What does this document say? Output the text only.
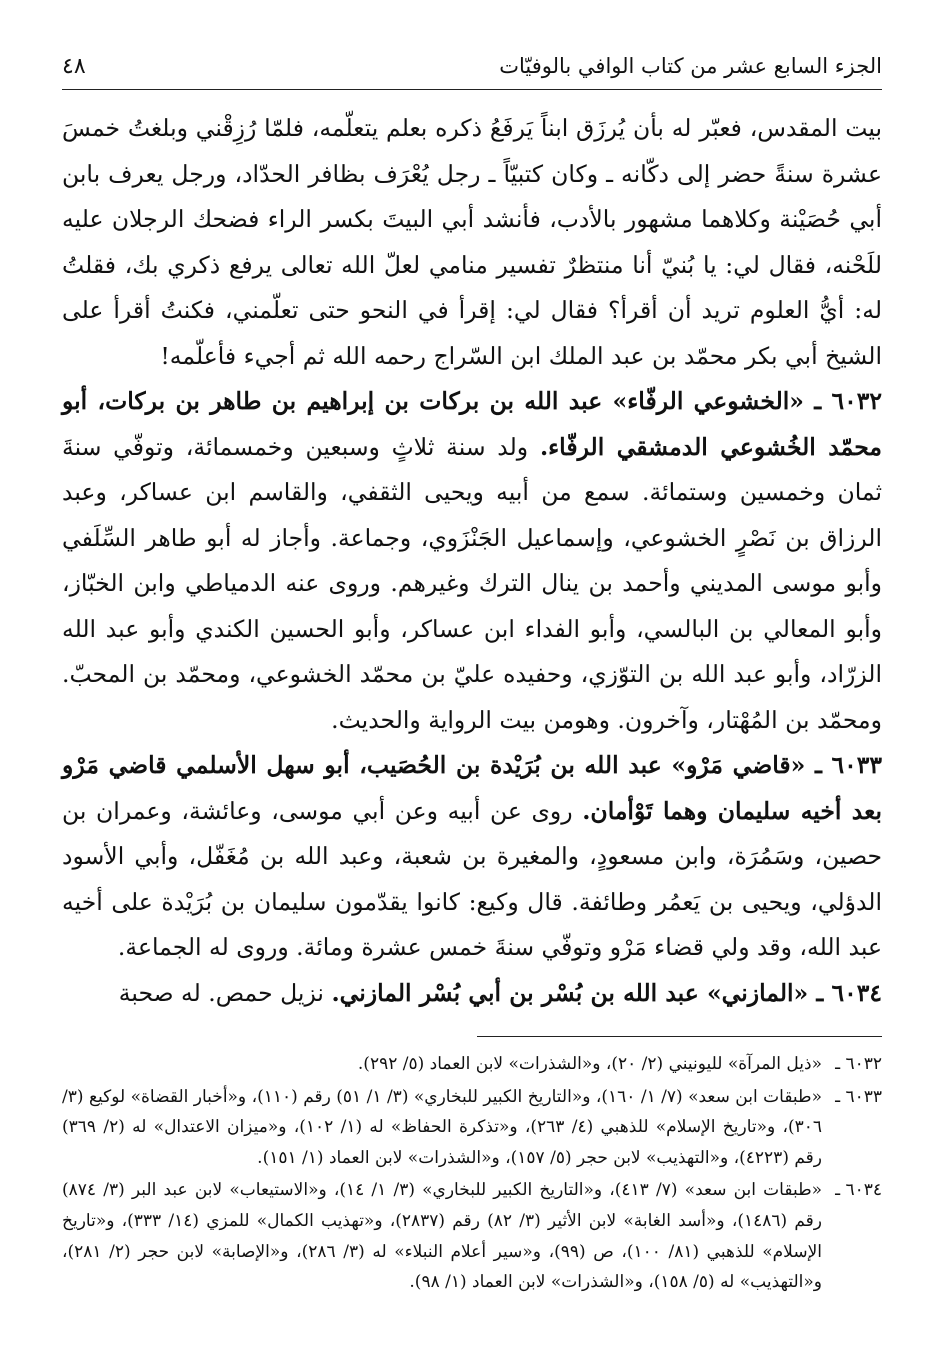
الجزء السابع عشر من كتاب الوافي بالوفيّات
٤٨

بيت المقدس، فعبّر له بأن يُرزَق ابناً يَرفَعُ ذكره بعلم يتعلّمه، فلمّا رُزِقْني وبلغتُ خمسَ عشرة سنةً حضر إلى دكّانه ـ وكان كتبيّاً ـ رجل يُعْرَف بظافر الحدّاد، ورجل يعرف بابن أبي حُصَيْنة وكلاهما مشهور بالأدب، فأنشد أبي البيتَ بكسر الراء فضحك الرجلان عليه للَحْنه، فقال لي: يا بُنيّ أنا منتظرٌ تفسير منامي لعلّ الله تعالى يرفع ذكري بك، فقلتُ له: أيُّ العلوم تريد أن أقرأ؟ فقال لي: إقرأ في النحو حتى تعلّمني، فكنتُ أقرأ على الشيخ أبي بكر محمّد بن عبد الملك ابن السّراج رحمه الله ثم أجيء فأعلّمه!

٦٠٣٢ ـ «الخشوعي الرفّاء» عبد الله بن بركات بن إبراهيم بن طاهر بن بركات، أبو محمّد الخُشوعي الدمشقي الرفّاء. ولد سنة ثلاثٍ وسبعين وخمسمائة، وتوفّي سنةَ ثمان وخمسين وستمائة. سمع من أبيه ويحيى الثقفي، والقاسم ابن عساكر، وعبد الرزاق بن نَصْرٍ الخشوعي، وإسماعيل الجَنْزَوي، وجماعة. وأجاز له أبو طاهر السِّلَفي وأبو موسى المديني وأحمد بن ينال الترك وغيرهم. وروى عنه الدمياطي وابن الخبّاز، وأبو المعالي بن البالسي، وأبو الفداء ابن عساكر، وأبو الحسين الكندي وأبو عبد الله الزرّاد، وأبو عبد الله بن التوّزي، وحفيده عليّ بن محمّد الخشوعي، ومحمّد بن المحبّ. ومحمّد بن المُهْتار، وآخرون. وهومن بيت الرواية والحديث.

٦٠٣٣ ـ «قاضي مَرْو» عبد الله بن بُرَيْدة بن الحُصَيب، أبو سهل الأسلمي قاضي مَرْو بعد أخيه سليمان وهما تَوْأمان. روى عن أبيه وعن أبي موسى، وعائشة، وعمران بن حصين، وسَمُرَة، وابن مسعودٍ، والمغيرة بن شعبة، وعبد الله بن مُغَفّل، وأبي الأسود الدؤلي، ويحيى بن يَعمُر وطائفة. قال وكيع: كانوا يقدّمون سليمان بن بُرَيْدة على أخيه عبد الله، وقد ولي قضاء مَرْو وتوفّي سنةَ خمس عشرة ومائة. وروى له الجماعة.

٦٠٣٤ ـ «المازني» عبد الله بن بُسْر بن أبي بُسْر المازني. نزيل حمص. له صحبة

٦٠٣٢ ـ
«ذيل المرآة» لليونيني (٢/ ٢٠)، و«الشذرات» لابن العماد (٥/ ٢٩٢).
٦٠٣٣ ـ
«طبقات ابن سعد» (٧/ ١/ ١٦٠)، و«التاريخ الكبير للبخاري» (٣/ ١/ ٥١) رقم (١١٠)، و«أخبار القضاة» لوكيع (٣/ ٣٠٦)، و«تاريخ الإسلام» للذهبي (٤/ ٢٦٣)، و«تذكرة الحفاظ» له (١/ ١٠٢)، و«ميزان الاعتدال» له (٢/ ٣٦٩) رقم (٤٢٢٣)، و«التهذيب» لابن حجر (٥/ ١٥٧)، و«الشذرات» لابن العماد (١/ ١٥١).
٦٠٣٤ ـ
«طبقات ابن سعد» (٧/ ٤١٣)، و«التاريخ الكبير للبخاري» (٣/ ١/ ١٤)، و«الاستيعاب» لابن عبد البر (٣/ ٨٧٤) رقم (١٤٨٦)، و«أسد الغابة» لابن الأثير (٣/ ٨٢) رقم (٢٨٣٧)، و«تهذيب الكمال» للمزي (١٤/ ٣٣٣)، و«تاريخ الإسلام» للذهبي (٨١/ ١٠٠)، ص (٩٩)، و«سير أعلام النبلاء» له (٣/ ٢٨٦)، و«الإصابة» لابن حجر (٢/ ٢٨١)، و«التهذيب» له (٥/ ١٥٨)، و«الشذرات» لابن العماد (١/ ٩٨).
